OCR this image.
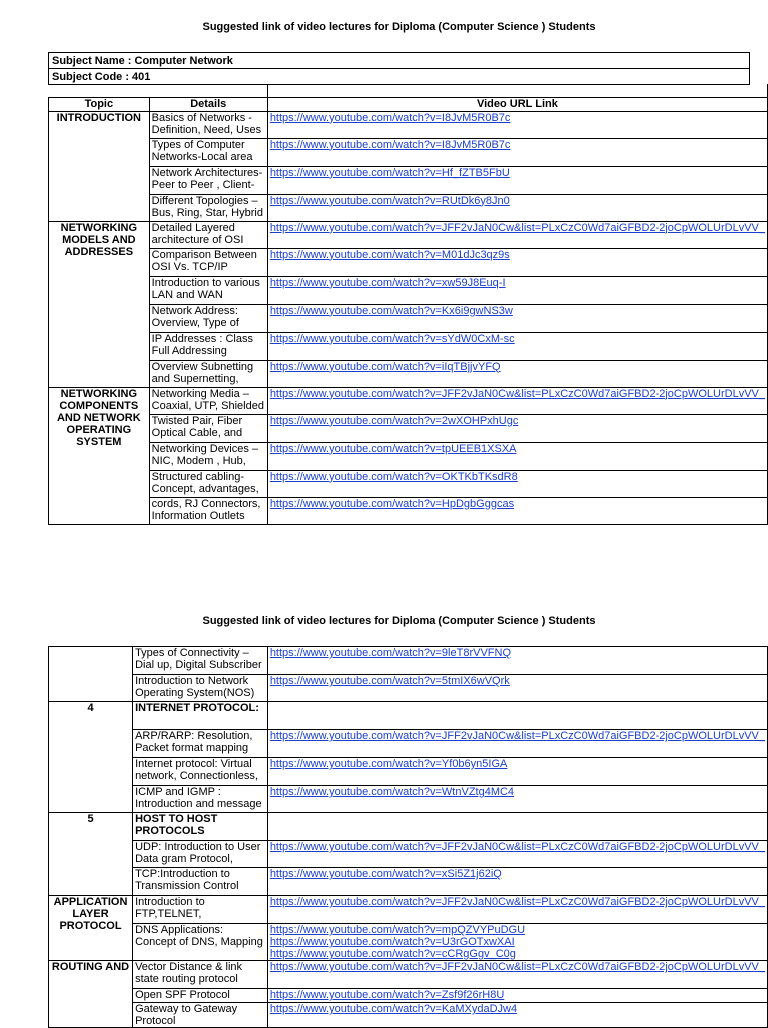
Suggested link of video lectures for Diploma (Computer Science ) Students
Subject Name : Computer Network
Subject Code : 401

Topic	Details	Video URL Link
INTRODUCTION	Basics of Networks - Definition, Need, Uses	https://www.youtube.com/watch?v=I8JvM5R0B7c

	Types of Computer Networks-Local area	https://www.youtube.com/watch?v=I8JvM5R0B7c

	Network Architectures- Peer to Peer , Client-	https://www.youtube.com/watch?v=Hf_fZTB5FbU

	Different Topologies – Bus, Ring, Star, Hybrid	https://www.youtube.com/watch?v=RUtDk6y8Jn0

NETWORKING MODELS AND ADDRESSES	Detailed Layered architecture of OSI	https://www.youtube.com/watch?v=JFF2vJaN0Cw&list=PLxCzC0Wd7aiGFBD2-2joCpWOLUrDLvVV_

	Comparison Between OSI Vs. TCP/IP	https://www.youtube.com/watch?v=M01dJc3qz9s

	Introduction to various LAN and WAN	https://www.youtube.com/watch?v=xw59J8Euq-I

	Network Address: Overview, Type of	https://www.youtube.com/watch?v=Kx6i9gwNS3w

	IP Addresses : Class Full Addressing	https://www.youtube.com/watch?v=sYdW0CxM-sc

	Overview Subnetting and Supernetting,	https://www.youtube.com/watch?v=iIqTBjjvYFQ

NETWORKING COMPONENTS AND NETWORK OPERATING SYSTEM	Networking Media – Coaxial, UTP, Shielded	https://www.youtube.com/watch?v=JFF2vJaN0Cw&list=PLxCzC0Wd7aiGFBD2-2joCpWOLUrDLvVV_

	Twisted Pair, Fiber Optical Cable, and	https://www.youtube.com/watch?v=2wXOHPxhUgc

	Networking Devices – NIC, Modem , Hub,	https://www.youtube.com/watch?v=tpUEEB1XSXA

	Structured cabling- Concept, advantages,	https://www.youtube.com/watch?v=OKTKbTKsdR8

	cords, RJ Connectors, Information Outlets	https://www.youtube.com/watch?v=HpDgbGggcas
Suggested link of video lectures for Diploma (Computer Science ) Students

	Types of Connectivity – Dial up, Digital Subscriber	https://www.youtube.com/watch?v=9leT8rVVFNQ

	Introduction to Network Operating System(NOS)	https://www.youtube.com/watch?v=5tmIX6wVQrk

4	INTERNET PROTOCOL:	

	ARP/RARP: Resolution, Packet format mapping	https://www.youtube.com/watch?v=JFF2vJaN0Cw&list=PLxCzC0Wd7aiGFBD2-2joCpWOLUrDLvVV_

	Internet protocol: Virtual network, Connectionless,	https://www.youtube.com/watch?v=Yf0b6yn5IGA

	ICMP and IGMP : Introduction and message	https://www.youtube.com/watch?v=WtnVZtg4MC4

5	HOST TO HOST PROTOCOLS	

	UDP: Introduction to User Data gram Protocol,	https://www.youtube.com/watch?v=JFF2vJaN0Cw&list=PLxCzC0Wd7aiGFBD2-2joCpWOLUrDLvVV_

	TCP:Introduction to Transmission Control	https://www.youtube.com/watch?v=xSi5Z1j62iQ

APPLICATION LAYER PROTOCOL	Introduction to FTP,TELNET,	https://www.youtube.com/watch?v=JFF2vJaN0Cw&list=PLxCzC0Wd7aiGFBD2-2joCpWOLUrDLvVV_

	DNS Applications: Concept of DNS, Mapping	https://www.youtube.com/watch?v=mpQZVYPuDGU
https://www.youtube.com/watch?v=U3rGOTxwXAI
https://www.youtube.com/watch?v=cCRgGgv_C0g

ROUTING AND	Vector Distance & link state routing protocol	https://www.youtube.com/watch?v=JFF2vJaN0Cw&list=PLxCzC0Wd7aiGFBD2-2joCpWOLUrDLvVV_

	Open SPF Protocol	https://www.youtube.com/watch?v=Zsf9f26rH8U

	Gateway to Gateway Protocol	https://www.youtube.com/watch?v=KaMXydaDJw4
